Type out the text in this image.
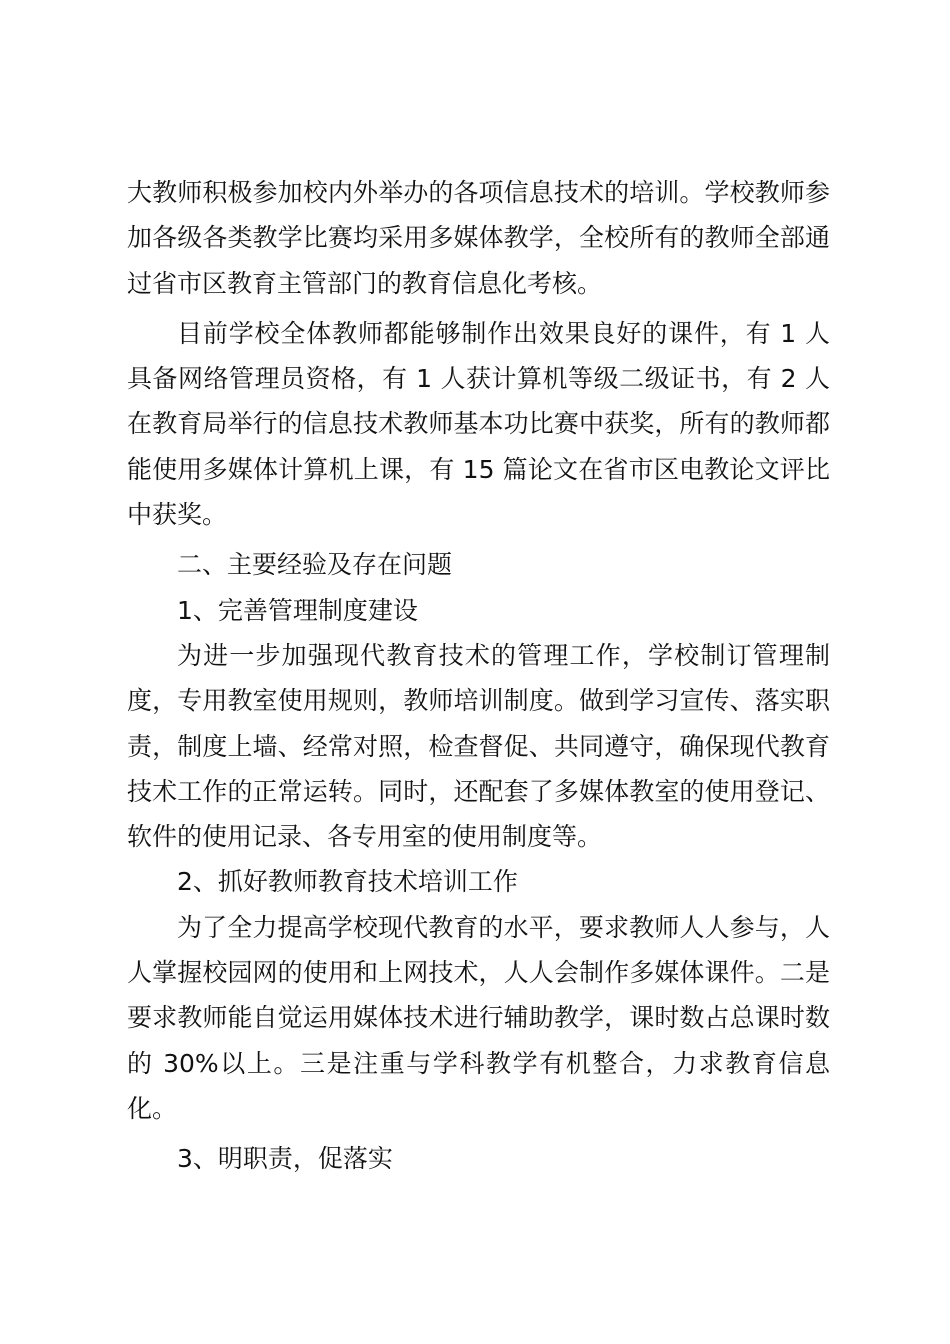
大教师积极参加校内外举办的各项信息技术的培训。学校教师参加各级各类教学比赛均采用多媒体教学，全校所有的教师全部通过省市区教育主管部门的教育信息化考核。

目前学校全体教师都能够制作出效果良好的课件，有 1 人具备网络管理员资格，有 1 人获计算机等级二级证书，有 2 人在教育局举行的信息技术教师基本功比赛中获奖，所有的教师都能使用多媒体计算机上课，有 15 篇论文在省市区电教论文评比中获奖。

二、主要经验及存在问题

1、完善管理制度建设

为进一步加强现代教育技术的管理工作，学校制订管理制度，专用教室使用规则，教师培训制度。做到学习宣传、落实职责，制度上墙、经常对照，检查督促、共同遵守，确保现代教育技术工作的正常运转。同时，还配套了多媒体教室的使用登记、软件的使用记录、各专用室的使用制度等。

2、抓好教师教育技术培训工作

为了全力提高学校现代教育的水平，要求教师人人参与，人人掌握校园网的使用和上网技术，人人会制作多媒体课件。二是要求教师能自觉运用媒体技术进行辅助教学，课时数占总课时数的 30%以上。三是注重与学科教学有机整合，力求教育信息化。

3、明职责，促落实
